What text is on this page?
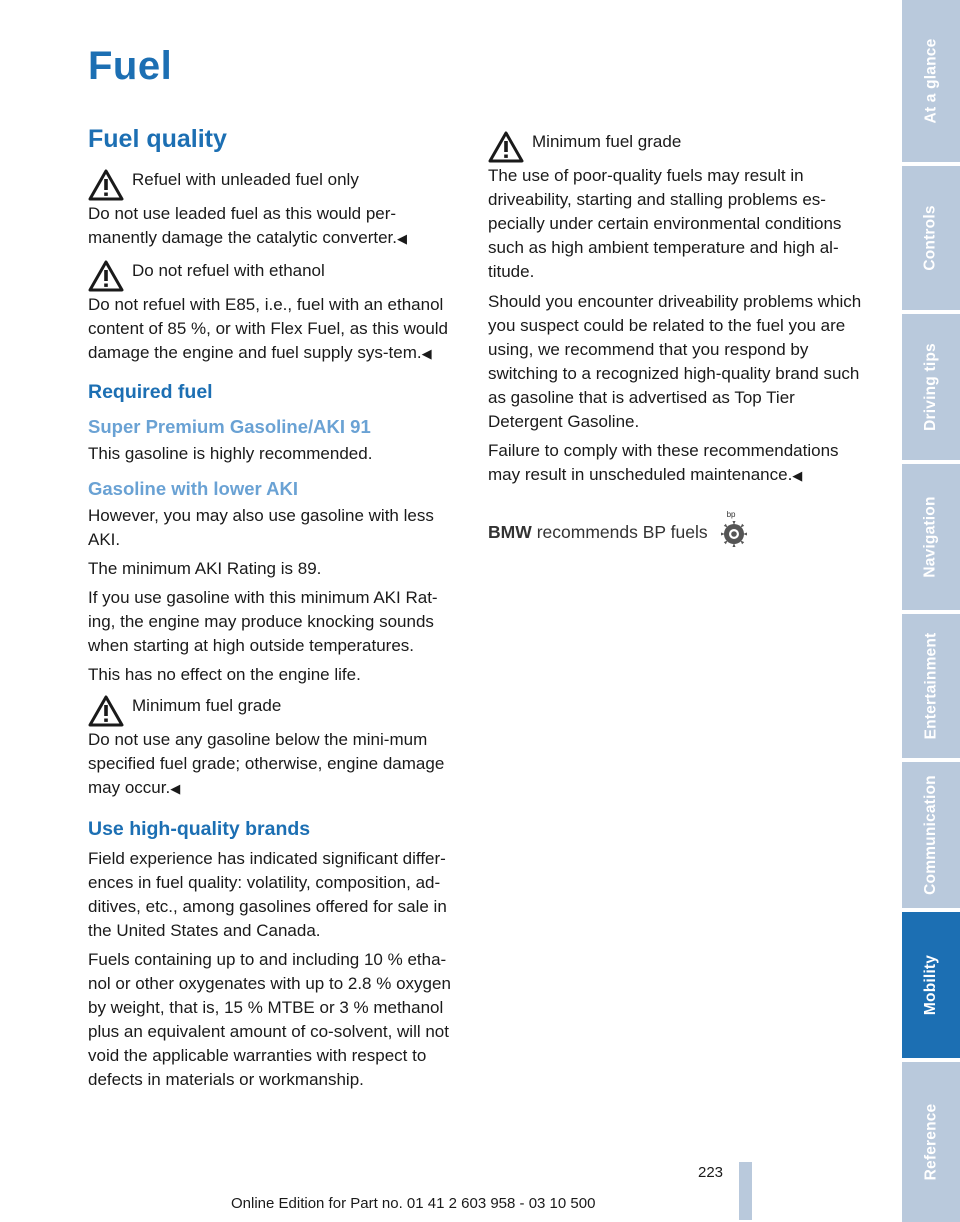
Fuel
Fuel quality
Refuel with unleaded fuel only
Do not use leaded fuel as this would per-manently damage the catalytic converter.◀
Do not refuel with ethanol
Do not refuel with E85, i.e., fuel with an ethanol content of 85 %, or with Flex Fuel, as this would damage the engine and fuel supply sys-tem.◀
Required fuel
Super Premium Gasoline/AKI 91

This gasoline is highly recommended.

Gasoline with lower AKI

However, you may also use gasoline with less AKI.

The minimum AKI Rating is 89.

If you use gasoline with this minimum AKI Rat-ing, the engine may produce knocking sounds when starting at high outside temperatures.

This has no effect on the engine life.

Minimum fuel grade
Do not use any gasoline below the mini-mum specified fuel grade; otherwise, engine damage may occur.◀
Use high-quality brands

Field experience has indicated significant differ-ences in fuel quality: volatility, composition, ad-ditives, etc., among gasolines offered for sale in the United States and Canada.

Fuels containing up to and including 10 % etha-nol or other oxygenates with up to 2.8 % oxygen by weight, that is, 15 % MTBE or 3 % methanol plus an equivalent amount of co-solvent, will not void the applicable warranties with respect to defects in materials or workmanship.

Minimum fuel grade
The use of poor-quality fuels may result in driveability, starting and stalling problems es-pecially under certain environmental conditions such as high ambient temperature and high al-titude.

Should you encounter driveability problems which you suspect could be related to the fuel you are using, we recommend that you respond by switching to a recognized high-quality brand such as gasoline that is advertised as Top Tier Detergent Gasoline.

Failure to comply with these recommendations may result in unscheduled maintenance.◀

BMW recommends BP fuels
bp
At a glance
Controls
Driving tips
Navigation
Entertainment
Communication
Mobility
Reference
223
Online Edition for Part no. 01 41 2 603 958 - 03 10 500
